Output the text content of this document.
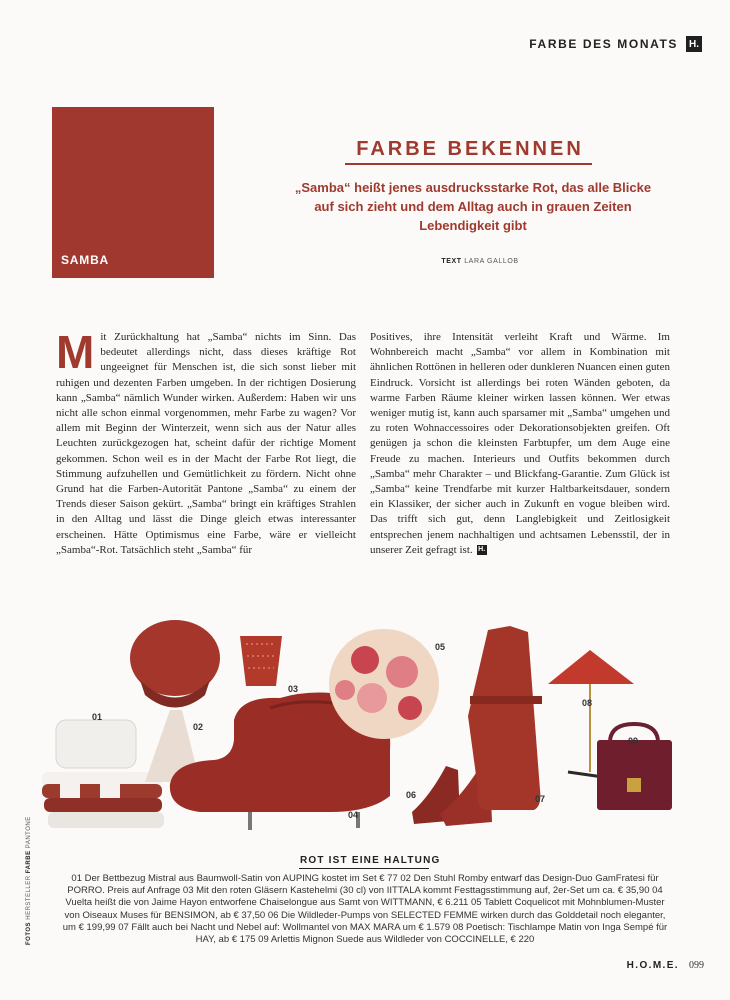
FARBE DES MONATS	H.
SAMBA
FARBE BEKENNEN
„Samba“ heißt jenes ausdrucksstarke Rot, das alle Blicke auf sich zieht und dem Alltag auch in grauen Zeiten Lebendigkeit gibt
TEXT LARA GALLOB
Mit Zurückhaltung hat „Samba“ nichts im Sinn. Das bedeutet allerdings nicht, dass dieses kräftige Rot ungeeignet für Menschen ist, die sich sonst lieber mit ruhigen und dezenten Farben umgeben. In der richtigen Dosierung kann „Samba“ nämlich Wunder wirken. Außerdem: Haben wir uns nicht alle schon einmal vorgenommen, mehr Farbe zu wagen? Vor allem mit Beginn der Winterzeit, wenn sich aus der Natur alles Leuchten zurückgezogen hat, scheint dafür der richtige Moment gekommen. Schon weil es in der Macht der Farbe Rot liegt, die Stimmung aufzuhellen und Gemütlichkeit zu fördern. Nicht ohne Grund hat die Farben-Autorität Pantone „Samba“ zu einem der Trends dieser Saison gekürt. „Samba“ bringt ein kräftiges Strahlen in den Alltag und lässt die Dinge gleich etwas interessanter erscheinen. Hätte Optimismus eine Farbe, wäre er vielleicht „Samba“-Rot. Tatsächlich steht „Samba“ für
Positives, ihre Intensität verleiht Kraft und Wärme. Im Wohnbereich macht „Samba“ vor allem in Kombination mit ähnlichen Rottönen in helleren oder dunkleren Nuancen einen guten Eindruck. Vorsicht ist allerdings bei roten Wänden geboten, da warme Farben Räume kleiner wirken lassen können. Wer etwas weniger mutig ist, kann auch sparsamer mit „Samba“ umgehen und zu roten Wohnaccessoires oder Dekorationsobjekten greifen. Oft genügen ja schon die kleinsten Farbtupfer, um dem Auge eine Freude zu machen. Interieurs und Outfits bekommen durch „Samba“ mehr Charakter – und Blickfang-Garantie. Zum Glück ist „Samba“ keine Trendfarbe mit kurzer Haltbarkeitsdauer, sondern ein Klassiker, der sicher auch in Zukunft en vogue bleiben wird. Das trifft sich gut, denn Langlebigkeit und Zeitlosigkeit entsprechen jenem nachhaltigen und achtsamen Lebensstil, der in unserer Zeit gefragt ist. H.
01
02
03
04
05
06	07
08
09
FOTOS HERSTELLER FARBE PANTONE
ROT IST EINE HALTUNG
01 Der Bettbezug Mistral aus Baumwoll-Satin von AUPING kostet im Set € 77 02 Den Stuhl Romby entwarf das Design-Duo GamFratesi für PORRO. Preis auf Anfrage 03 Mit den roten Gläsern Kastehelmi (30 cl) von IITTALA kommt Festtagsstimmung auf, 2er-Set um ca. € 35,90 04 Vuelta heißt die von Jaime Hayon entworfene Chaiselongue aus Samt von WITTMANN, € 6.211 05 Tablett Coquelicot mit Mohnblumen-Muster von Oiseaux Muses für BENSIMON, ab € 37,50 06 Die Wildleder-Pumps von SELECTED FEMME wirken durch das Golddetail noch eleganter, um € 199,99 07 Fällt auch bei Nacht und Nebel auf: Wollmantel von MAX MARA um € 1.579 08 Poetisch: Tischlampe Matin von Inga Sempé für HAY, ab € 175 09 Arlettis Mignon Suede aus Wildleder von COCCINELLE, € 220
H.O.M.E. 099
